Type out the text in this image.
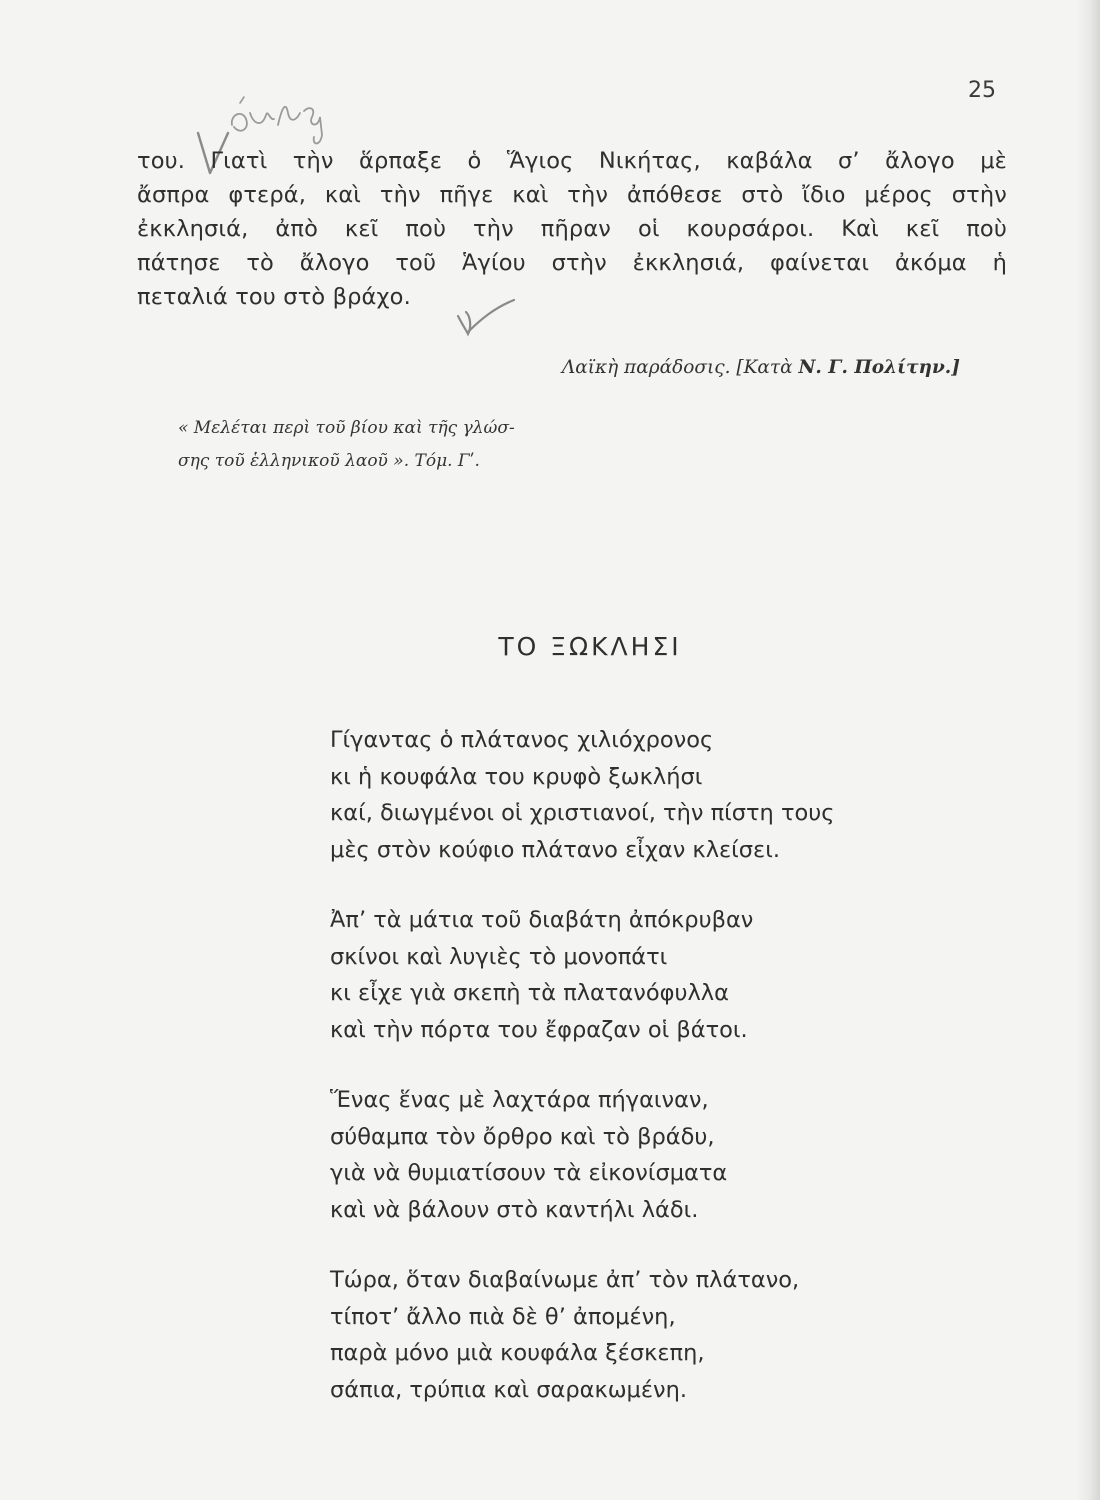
25
του. Γιατὶ τὴν ἅρπαξε ὁ Ἅγιος Νικήτας, καβάλα σ’ ἄλογο μὲ
ἄσπρα φτερά, καὶ τὴν πῆγε καὶ τὴν ἀπόθεσε στὸ ἴδιο μέρος στὴν
ἐκκλησιά, ἀπὸ κεῖ ποὺ τὴν πῆραν οἱ κουρσάροι. Καὶ κεῖ ποὺ
πάτησε τὸ ἄλογο τοῦ Ἁγίου στὴν ἐκκλησιά, φαίνεται ἀκόμα ἡ
πεταλιά του στὸ βράχο.
Λαϊκὴ παράδοσις. [Κατὰ Ν. Γ. Πολίτην.]
« Μελέται περὶ τοῦ βίου καὶ τῆς γλώσ-
σης τοῦ ἑλληνικοῦ λαοῦ ». Τόμ. Γʹ.
ΤΟ ΞΩΚΛΗΣΙ
Γίγαντας ὁ πλάτανος χιλιόχρονος
κι ἡ κουφάλα του κρυφὸ ξωκλήσι
καί, διωγμένοι οἱ χριστιανοί, τὴν πίστη τους
μὲς στὸν κούφιο πλάτανο εἶχαν κλείσει.
Ἀπ’ τὰ μάτια τοῦ διαβάτη ἀπόκρυβαν
σκίνοι καὶ λυγιὲς τὸ μονοπάτι
κι εἶχε γιὰ σκεπὴ τὰ πλατανόφυλλα
καὶ τὴν πόρτα του ἔφραζαν οἱ βάτοι.
Ἕνας ἕνας μὲ λαχτάρα πήγαιναν,
σύθαμπα τὸν ὄρθρο καὶ τὸ βράδυ,
γιὰ νὰ θυμιατίσουν τὰ εἰκονίσματα
καὶ νὰ βάλουν στὸ καντήλι λάδι.
Τώρα, ὅταν διαβαίνωμε ἀπ’ τὸν πλάτανο,
τίποτ’ ἄλλο πιὰ δὲ θ’ ἀπομένη,
παρὰ μόνο μιὰ κουφάλα ξέσκεπη,
σάπια, τρύπια καὶ σαρακωμένη.
